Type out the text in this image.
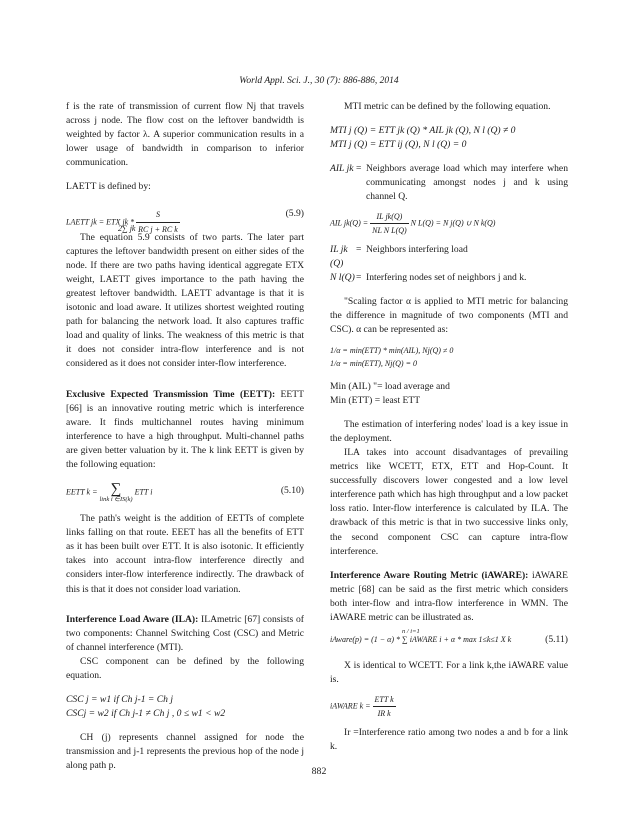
World Appl. Sci. J., 30 (7): 886-886, 2014

f is the rate of transmission of current flow Nj that travels across j node. The flow cost on the leftover bandwidth is weighted by factor λ. A superior communication results in a lower usage of bandwidth in comparison to inferior communication.

LAETT is defined by:

LAETT jk = ETX jk * $\frac{S}{\text{RC j + RC k}}$
2∑ jk
(5.9)

The equation 5.9 consists of two parts. The later part captures the leftover bandwidth present on either sides of the node. If there are two paths having identical aggregate ETX weight, LAETT gives importance to the path having the greatest leftover bandwidth. LAETT advantage is that it is isotonic and load aware. It utilizes shortest weighted routing path for balancing the network load. It also captures traffic load and quality of links. The weakness of this metric is that it does not consider intra-flow interference and is not considered as it does not consider inter-flow interference.

Exclusive Expected Transmission Time (EETT): EETT [66] is an innovative routing metric which is interference aware. It finds multichannel routes having minimum interference to have a high throughput. Multi-channel paths are given better valuation by it. The k link EETT is given by the following equation:

EETT k = ∑
link i ∈IS(k)
ETT i	(5.10)

The path's weight is the addition of EETTs of complete links falling on that route. EEET has all the benefits of ETT as it has been built over ETT. It is also isotonic. It efficiently takes into account intra-flow interference directly and considers inter-flow interference indirectly. The drawback of this is that it does not consider load variation.

Interference Load Aware (ILA): ILAmetric [67] consists of two components: Channel Switching Cost (CSC) and Metric of channel interference (MTI).

CSC component can be defined by the following equation.

CSC j = w1 if Ch j-1 = Ch j

CSCj = w2 if Ch j-1 ≠ Ch j , 0 ≤ w1 < w2

CH (j) represents channel assigned for node the transmission and j-1 represents the previous hop of the node j along path p.

MTI metric can be defined by the following equation.

MTI j (Q) = ETT jk (Q) * AIL jk (Q), N l (Q) ≠ 0

MTI j (Q) = ETT ij (Q), N l (Q) = 0

AIL jk = Neighbors average load which may interfere when communicating amongst nodes j and k using channel Q.
AIL $jk(Q) = \frac{\text{IL jk(Q)}}{\text{NL N L(Q)}}$ N L(Q) = N j(Q) ∪ N k(Q)
IL jk (Q)
= Neighbors interfering load
N l(Q) = Interfering nodes set of neighbors j and k.

"Scaling factor α is applied to MTI metric for balancing the difference in magnitude of two components (MTI and CSC). α can be represented as:

1/α = min(ETT) * min(AIL), Nj(Q) ≠ 0

1/α = min(ETT), Nj(Q) = 0

Min (AIL) "= load average and

Min (ETT) = least ETT

The estimation of interfering nodes' load is a key issue in the deployment.

ILA takes into account disadvantages of prevailing metrics like WCETT, ETX, ETT and Hop-Count. It successfully discovers lower congested and a low level interference path which has high throughput and a low packet loss ratio. Inter-flow interference is calculated by ILA. The drawback of this metric is that in two successive links only, the second component CSC can capture intra-flow interference.

Interference Aware Routing Metric (iAWARE): iAWARE metric [68] can be said as the first metric which considers both inter-flow and intra-flow interference in WMN. The iAWARE metric can be illustrated as.

iAware(p) = (1 − α) * ∑ iAWARE i + α * max 1≤k≤1 X k
n / i=1
(5.11)

X is identical to WCETT. For a link k,the iAWARE value is.

iAWARE $k = \frac{\text{ETT k}}{\text{IR k}}$

Ir =Interference ratio among two nodes a and b for a link k.

882
